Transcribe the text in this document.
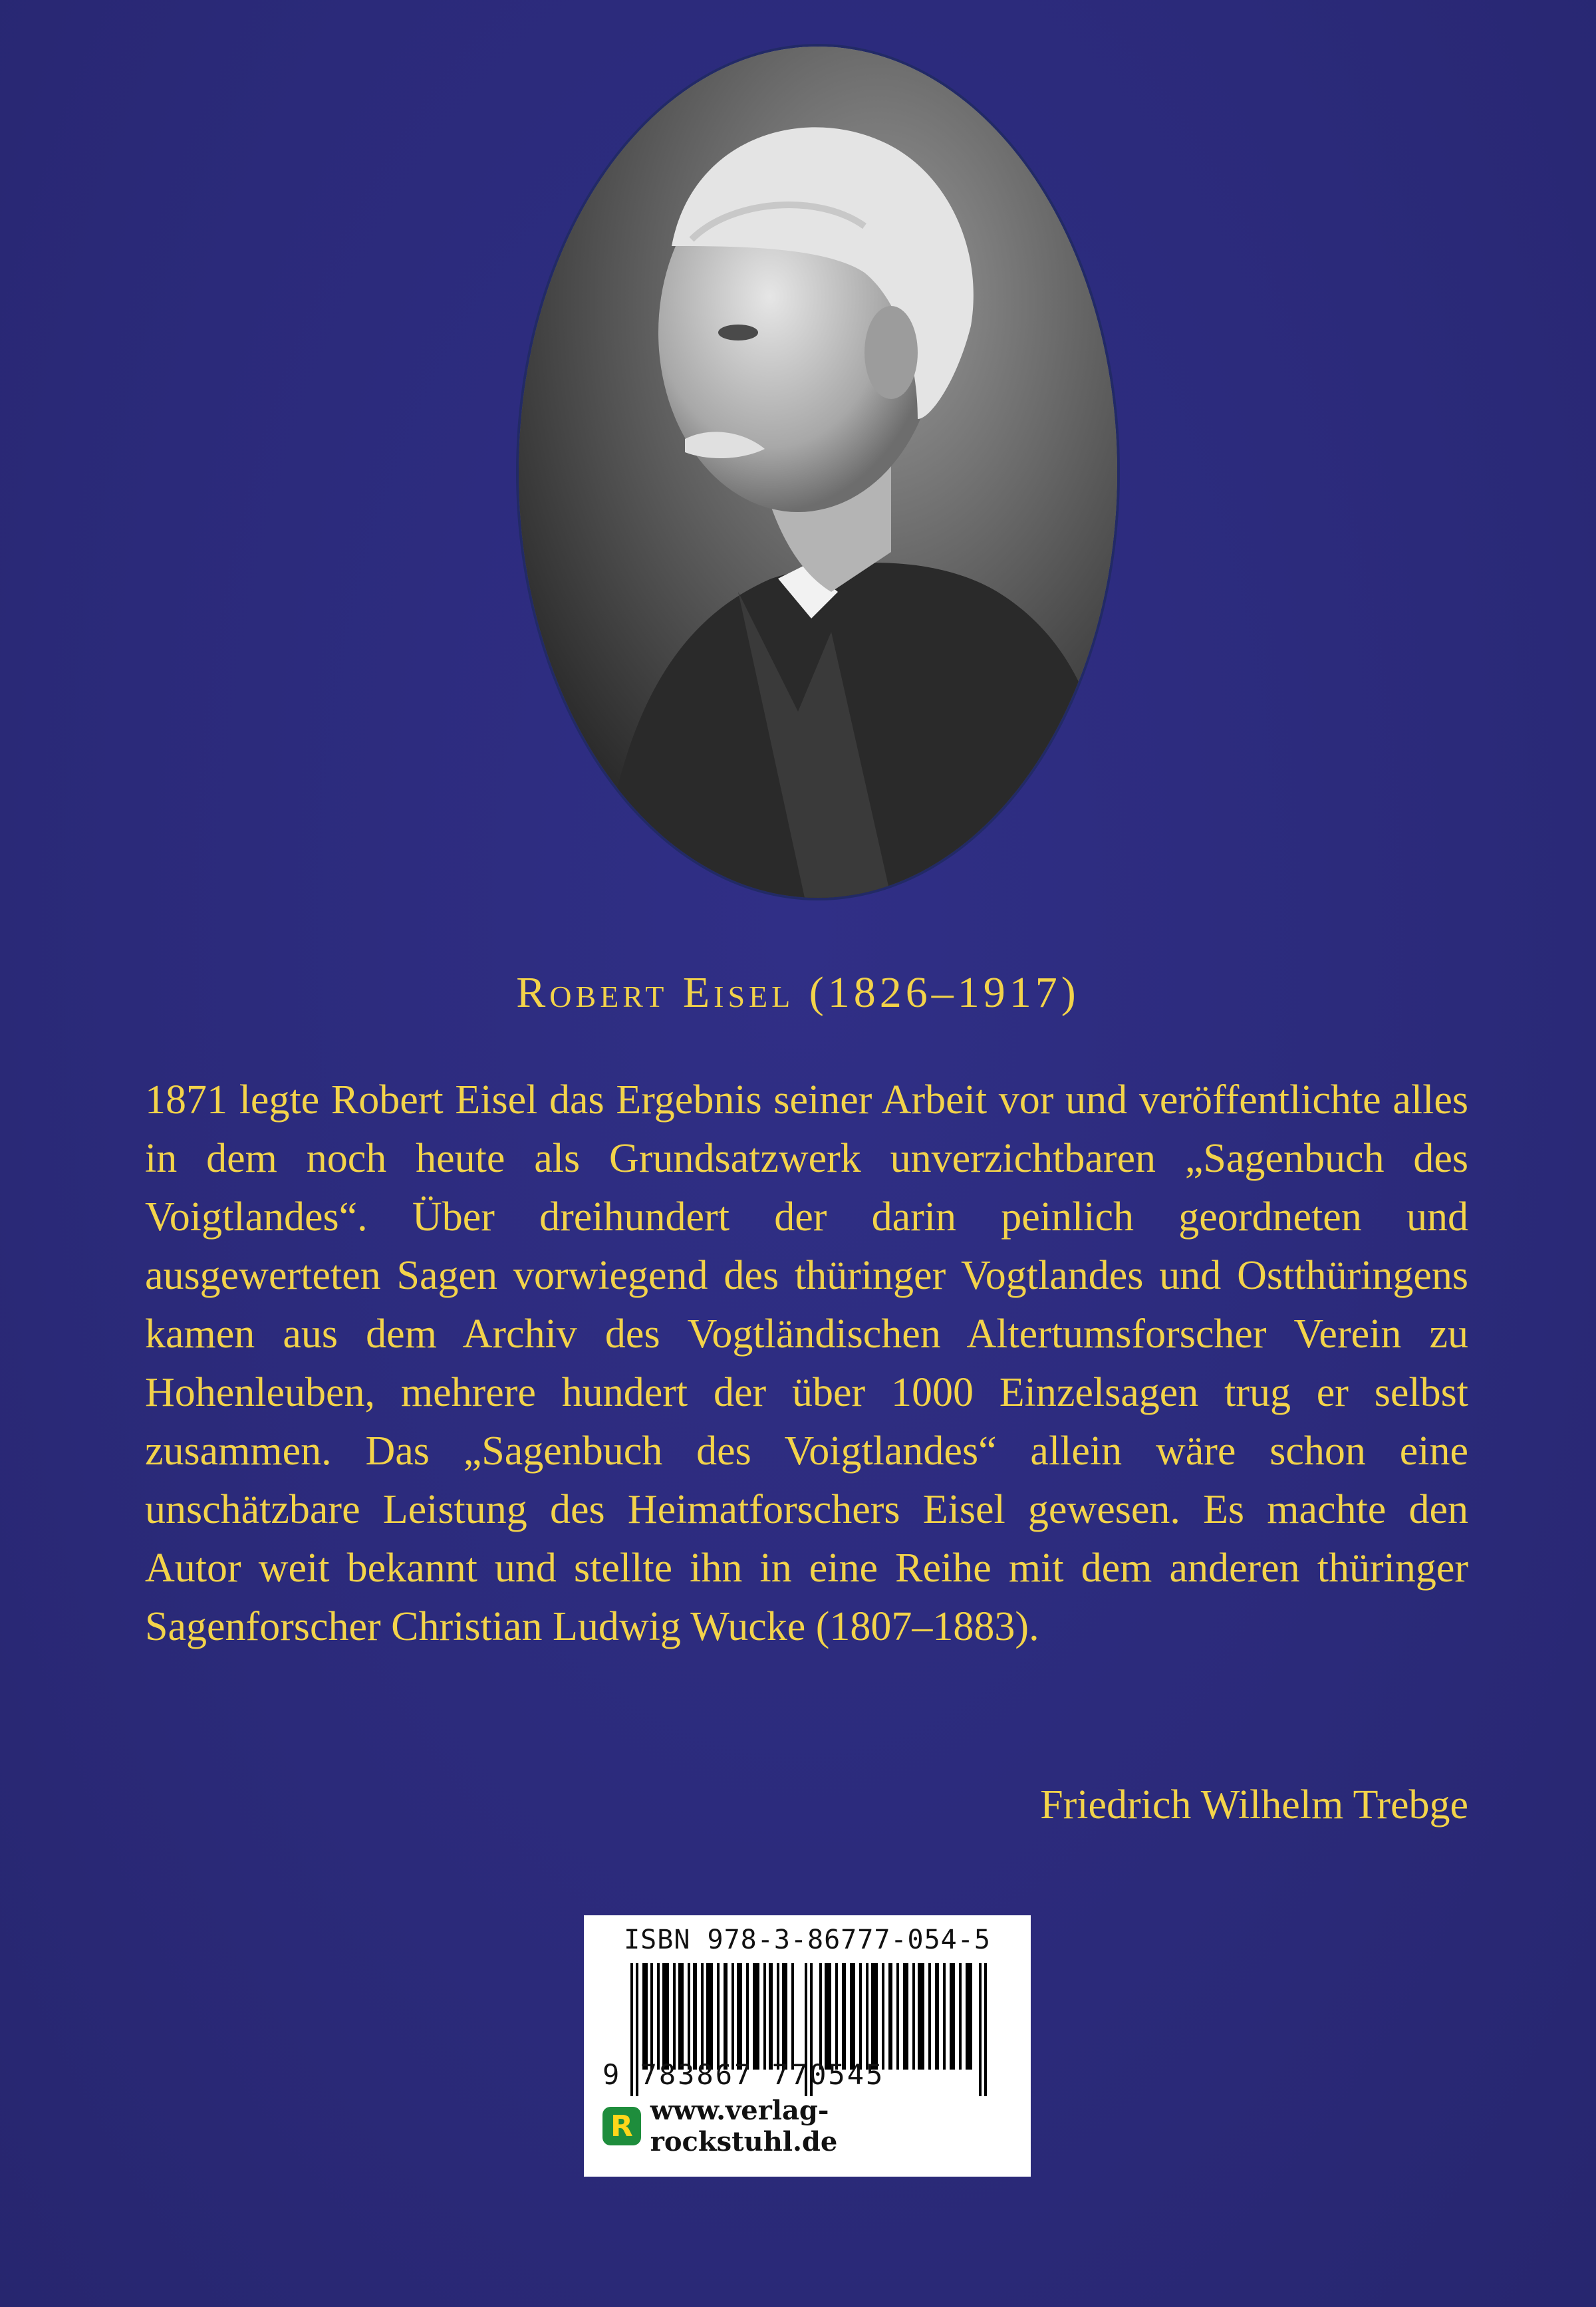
Robert Eisel (1826–1917)

1871 legte Robert Eisel das Ergebnis seiner Arbeit vor und veröffentlichte alles in dem noch heute als Grundsatzwerk unverzichtbaren „Sagenbuch des Voigtlandes“. Über dreihundert der darin peinlich geordneten und ausgewerteten Sagen vorwiegend des thüringer Vogtlandes und Ostthüringens kamen aus dem Archiv des Vogtländischen Altertumsforscher Verein zu Hohenleuben, mehrere hundert der über 1000 Einzelsagen trug er selbst zusammen. Das „Sagenbuch des Voigtlandes“ allein wäre schon eine unschätzbare Leistung des Heimatforschers Eisel gewesen. Es machte den Autor weit bekannt und stellte ihn in eine Reihe mit dem anderen thüringer Sagenforscher Christian Ludwig Wucke (1807–1883).

Friedrich Wilhelm Trebge
ISBN 978-3-86777-054-5
9 783867 770545
R www.verlag-rockstuhl.de
